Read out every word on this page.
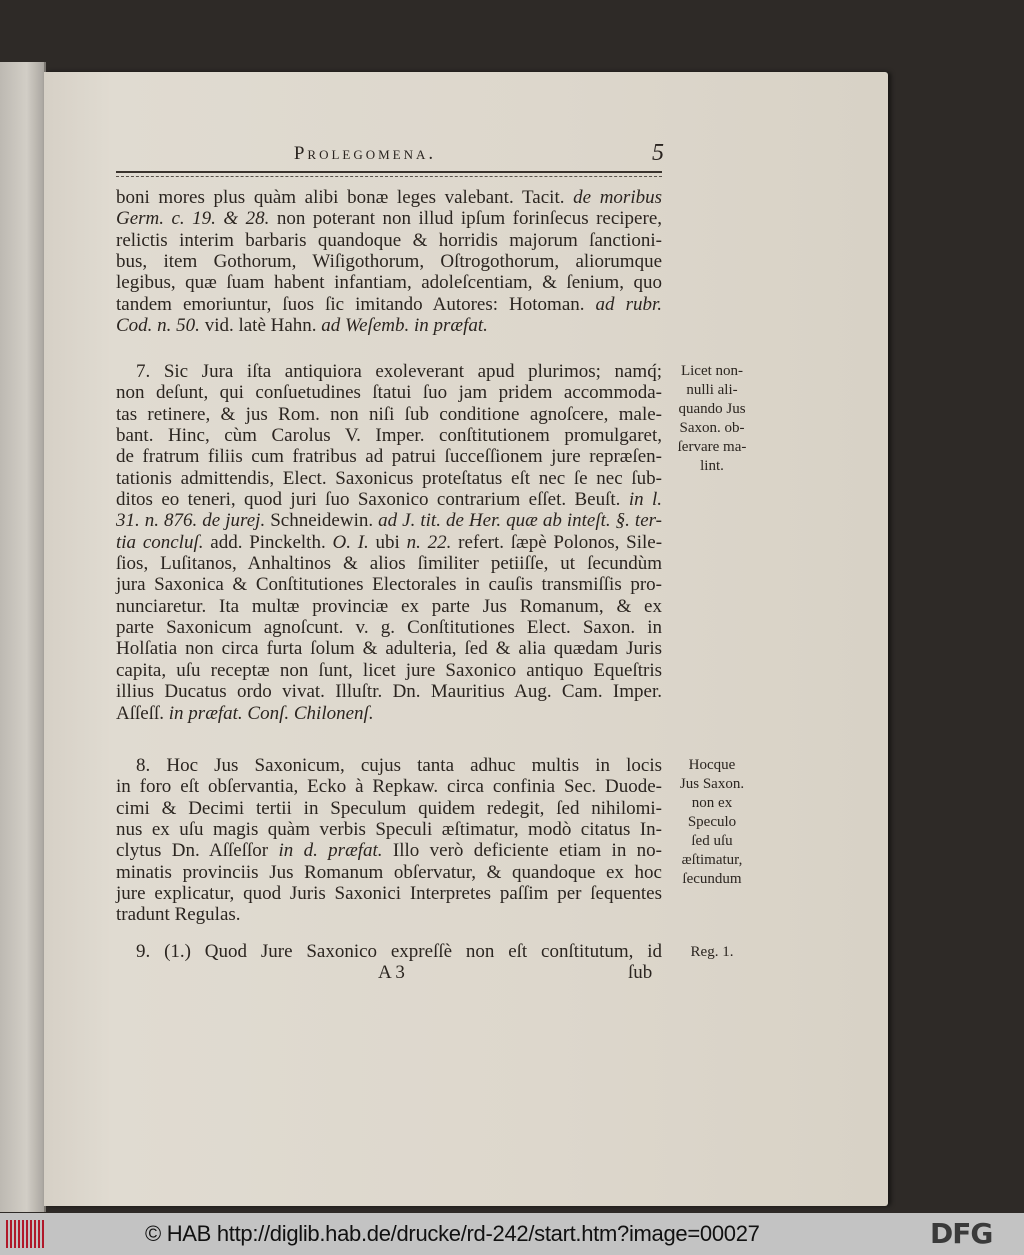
Prolegomena.	5
boni mores plus quàm alibi bonæ leges valebant. Tacit. de moribus
Germ. c. 19. & 28. non poterant non illud ipſum forinſecus recipere,
relictis interim barbaris quandoque & horridis majorum ſanctioni-
bus, item Gothorum, Wiſigothorum, Oſtrogothorum, aliorumque
legibus, quæ ſuam habent infantiam, adoleſcentiam, & ſenium, quo
tandem emoriuntur, ſuos ſic imitando Autores: Hotoman. ad rubr.
Cod. n. 50. vid. latè Hahn. ad Weſemb. in præfat.
7. Sic Jura iſta antiquiora exoleverant apud plurimos; namq́;
non deſunt, qui conſuetudines ſtatui ſuo jam pridem accommoda-
tas retinere, & jus Rom. non niſi ſub conditione agnoſcere, male-
bant. Hinc, cùm Carolus V. Imper. conſtitutionem promulgaret,
de fratrum filiis cum fratribus ad patrui ſucceſſionem jure repræſen-
tationis admittendis, Elect. Saxonicus proteſtatus eſt nec ſe nec ſub-
ditos eo teneri, quod juri ſuo Saxonico contrarium eſſet. Beuſt. in l.
31. n. 876. de jurej. Schneidewin. ad J. tit. de Her. quæ ab inteſt. §. ter-
tia concluſ. add. Pinckelth. O. I. ubi n. 22. refert. ſæpè Polonos, Sile-
ſios, Luſitanos, Anhaltinos & alios ſimiliter petiiſſe, ut ſecundùm
jura Saxonica & Conſtitutiones Electorales in cauſis transmiſſis pro-
nunciaretur. Ita multæ provinciæ ex parte Jus Romanum, & ex
parte Saxonicum agnoſcunt. v. g. Conſtitutiones Elect. Saxon. in
Holſatia non circa furta ſolum & adulteria, ſed & alia quædam Juris
capita, uſu receptæ non ſunt, licet jure Saxonico antiquo Equeſtris
illius Ducatus ordo vivat. Illuſtr. Dn. Mauritius Aug. Cam. Imper.
Aſſeſſ. in præfat. Conſ. Chilonenſ.
8. Hoc Jus Saxonicum, cujus tanta adhuc multis in locis
in foro eſt obſervantia, Ecko à Repkaw. circa confinia Sec. Duode-
cimi & Decimi tertii in Speculum quidem redegit, ſed nihilomi-
nus ex uſu magis quàm verbis Speculi æſtimatur, modò citatus In-
clytus Dn. Aſſeſſor in d. præfat. Illo verò deficiente etiam in no-
minatis provinciis Jus Romanum obſervatur, & quandoque ex hoc
jure explicatur, quod Juris Saxonici Interpretes paſſim per ſequentes
tradunt Regulas.
9. (1.) Quod Jure Saxonico expreſſè non eſt conſtitutum, id
A 3	ſub
Licet non-
nulli ali-
quando Jus
Saxon. ob-
ſervare ma-
lint.
Hocque
Jus Saxon.
non ex
Speculo
ſed uſu
æſtimatur,
ſecundum
Reg. 1.
© HAB http://diglib.hab.de/drucke/rd-242/start.htm?image=00027	DFG
